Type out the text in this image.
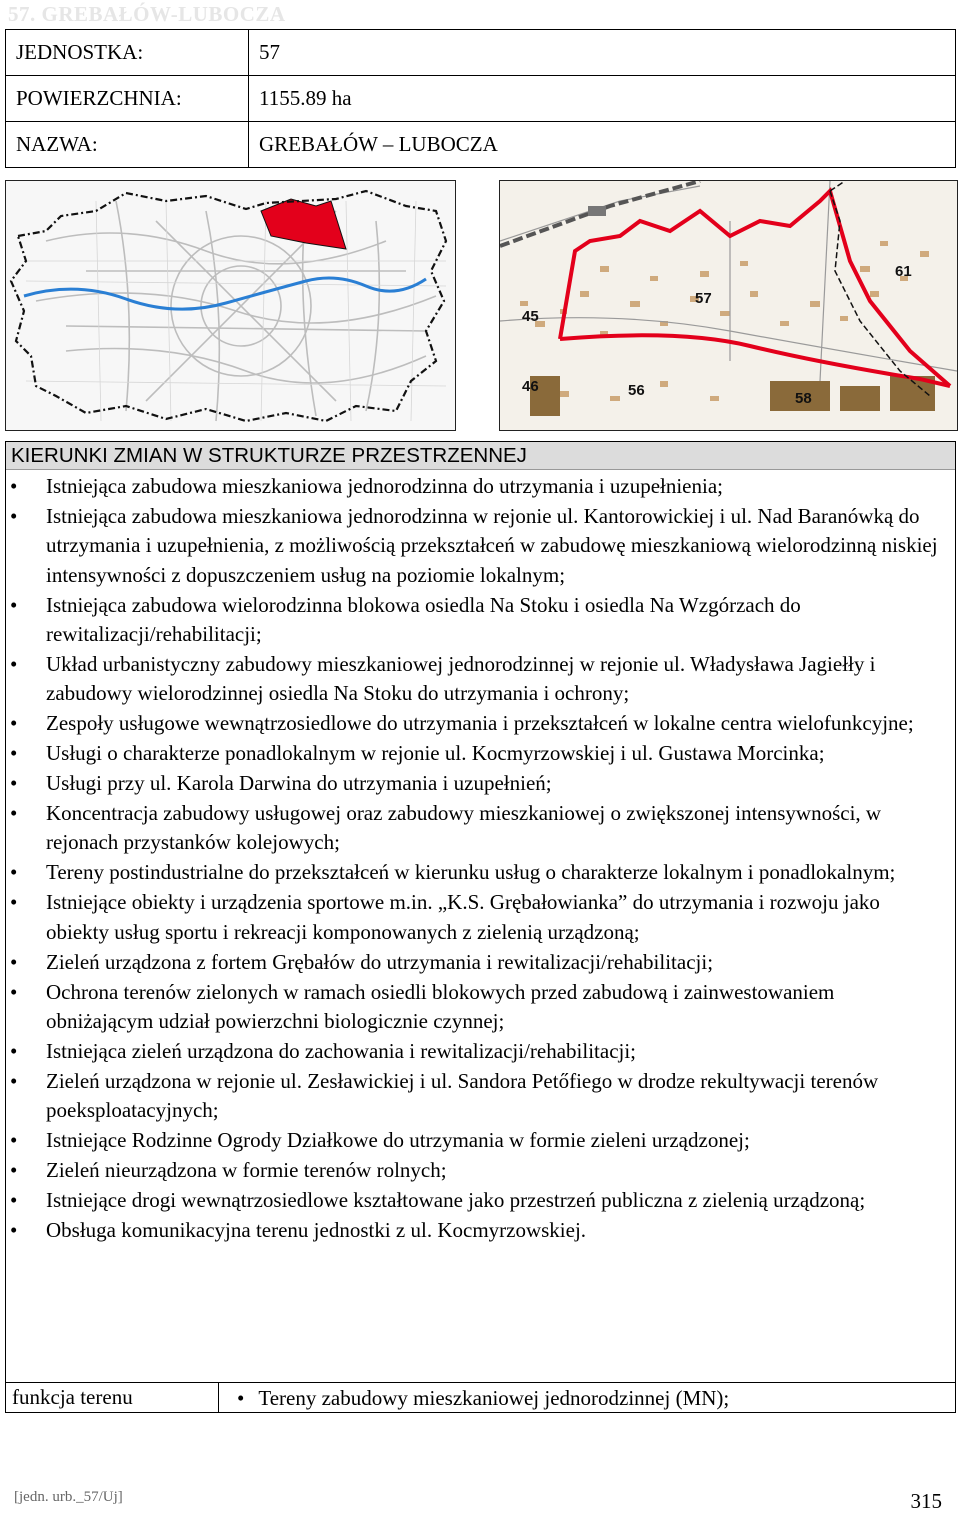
57. GREBAŁÓW-LUBOCZA
JEDNOSTKA:	57
POWIERZCHNIA:	1155.89 ha
NAZWA:	GREBAŁÓW – LUBOCZA
61
57
45
46	56	58
KIERUNKI ZMIAN W STRUKTURZE PRZESTRZENNEJ
• Istniejąca zabudowa mieszkaniowa jednorodzinna do utrzymania i uzupełnienia;
• Istniejąca zabudowa mieszkaniowa jednorodzinna w rejonie ul. Kantorowickiej i ul. Nad Baranówką do utrzymania i uzupełnienia, z możliwością przekształceń w zabudowę mieszkaniową wielorodzinną niskiej intensywności z dopuszczeniem usług na poziomie lokalnym;
• Istniejąca zabudowa wielorodzinna blokowa osiedla Na Stoku i osiedla Na Wzgórzach do rewitalizacji/rehabilitacji;
• Układ urbanistyczny zabudowy mieszkaniowej jednorodzinnej w rejonie ul. Władysława Jagiełły i zabudowy wielorodzinnej osiedla Na Stoku do utrzymania i ochrony;
• Zespoły usługowe wewnątrzosiedlowe do utrzymania i przekształceń w lokalne centra wielofunkcyjne;
• Usługi o charakterze ponadlokalnym w rejonie ul. Kocmyrzowskiej i ul. Gustawa Morcinka;
• Usługi przy ul. Karola Darwina do utrzymania i uzupełnień;
• Koncentracja zabudowy usługowej oraz zabudowy mieszkaniowej o zwiększonej intensywności, w rejonach przystanków kolejowych;
• Tereny postindustrialne do przekształceń w kierunku usług o charakterze lokalnym i ponadlokalnym;
• Istniejące obiekty i urządzenia sportowe m.in. „K.S. Grębałowianka” do utrzymania i rozwoju jako obiekty usług sportu i rekreacji komponowanych z zielenią urządzoną;
• Zieleń urządzona z fortem Grębałów do utrzymania i rewitalizacji/rehabilitacji;
• Ochrona terenów zielonych w ramach osiedli blokowych przed zabudową i zainwestowaniem obniżającym udział powierzchni biologicznie czynnej;
• Istniejąca zieleń urządzona do zachowania i rewitalizacji/rehabilitacji;
• Zieleń urządzona w rejonie ul. Zesławickiej i ul. Sandora Petőfiego w drodze rekultywacji terenów poeksploatacyjnych;
• Istniejące Rodzinne Ogrody Działkowe do utrzymania w formie zieleni urządzonej;
• Zieleń nieurządzona w formie terenów rolnych;
• Istniejące drogi wewnątrzosiedlowe kształtowane jako przestrzeń publiczna z zielenią urządzoną;
• Obsługa komunikacyjna terenu jednostki z ul. Kocmyrzowskiej.
funkcja terenu	• Tereny zabudowy mieszkaniowej jednorodzinnej (MN);
[jedn. urb._57/Uj]	315
